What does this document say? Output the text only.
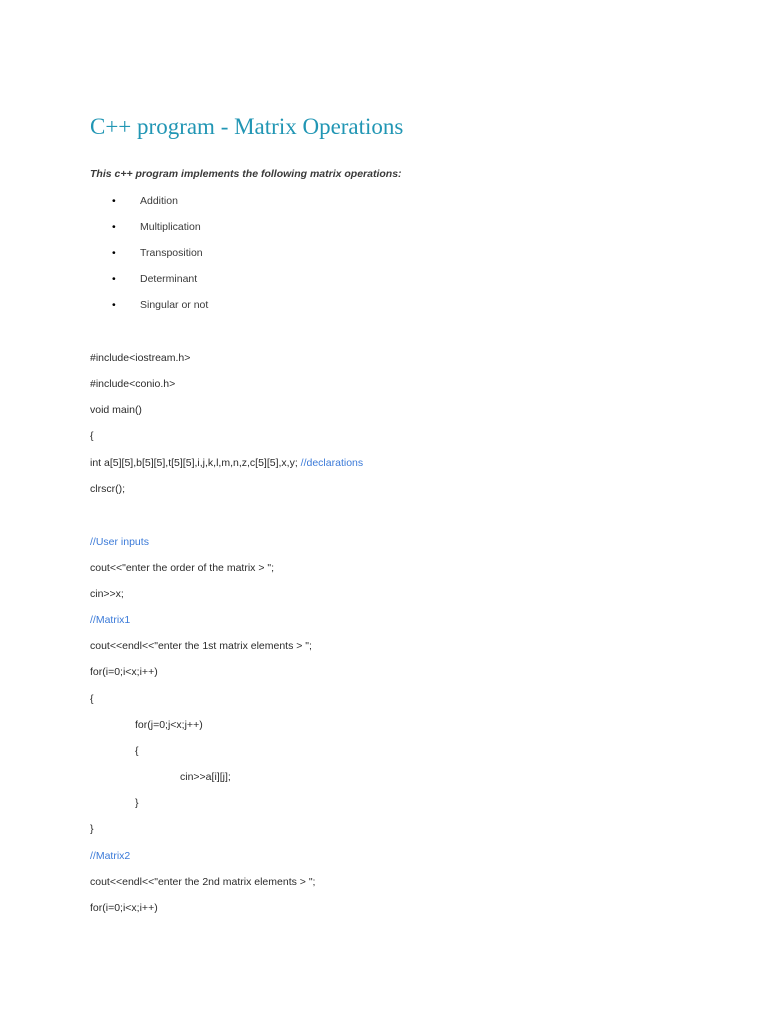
C++ program - Matrix Operations
This c++ program implements the following matrix operations:
• Addition
• Multiplication
• Transposition
• Determinant
• Singular or not
#include<iostream.h>
#include<conio.h>
void main()
{
int a[5][5],b[5][5],t[5][5],i,j,k,l,m,n,z,c[5][5],x,y; //declarations
clrscr();
//User inputs
cout<<"enter the order of the matrix > ";
cin>>x;
//Matrix1
cout<<endl<<"enter the 1st matrix elements > ";
for(i=0;i<x;i++)
{
for(j=0;j<x;j++)
{
cin>>a[i][j];
}
}
//Matrix2
cout<<endl<<"enter the 2nd matrix elements > ";
for(i=0;i<x;i++)
